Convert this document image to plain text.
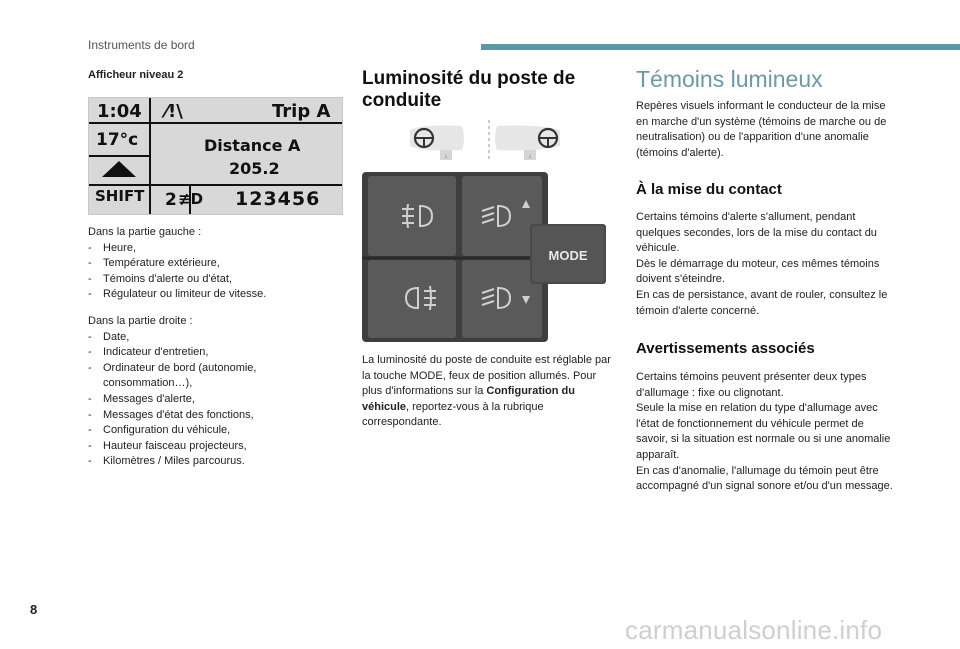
Instruments de bord
Afficheur niveau 2
1:04 ⁄!\	Trip A
17°c	Distance A
205.2
SHIFT 2 ≢D 123456

Dans la partie gauche :

- Heure,
- Température extérieure,
- Témoins d'alerte ou d'état,
- Régulateur ou limiteur de vitesse.

Dans la partie droite :

- Date,
- Indicateur d'entretien,
- Ordinateur de bord (autonomie, consommation…),
- Messages d'alerte,
- Messages d'état des fonctions,
- Configuration du véhicule,
- Hauteur faisceau projecteurs,
- Kilomètres / Miles parcourus.
Luminosité du poste de
conduite
↓	↓
MODE
La luminosité du poste de conduite est réglable par la touche MODE, feux de position allumés. Pour plus d'informations sur la Configuration du véhicule, reportez-vous à la rubrique correspondante.
Témoins lumineux
Repères visuels informant le conducteur de la mise en marche d'un système (témoins de marche ou de neutralisation) ou de l'apparition d'une anomalie (témoins d'alerte).
À la mise du contact

Certains témoins d'alerte s'allument, pendant quelques secondes, lors de la mise du contact du véhicule.

Dès le démarrage du moteur, ces mêmes témoins doivent s'éteindre.

En cas de persistance, avant de rouler, consultez le témoin d'alerte concerné.

Avertissements associés

Certains témoins peuvent présenter deux types d'allumage : fixe ou clignotant.

Seule la mise en relation du type d'allumage avec l'état de fonctionnement du véhicule permet de savoir, si la situation est normale ou si une anomalie apparaît.

En cas d'anomalie, l'allumage du témoin peut être accompagné d'un signal sonore et/ou d'un message.

8
carmanualsonline.info
